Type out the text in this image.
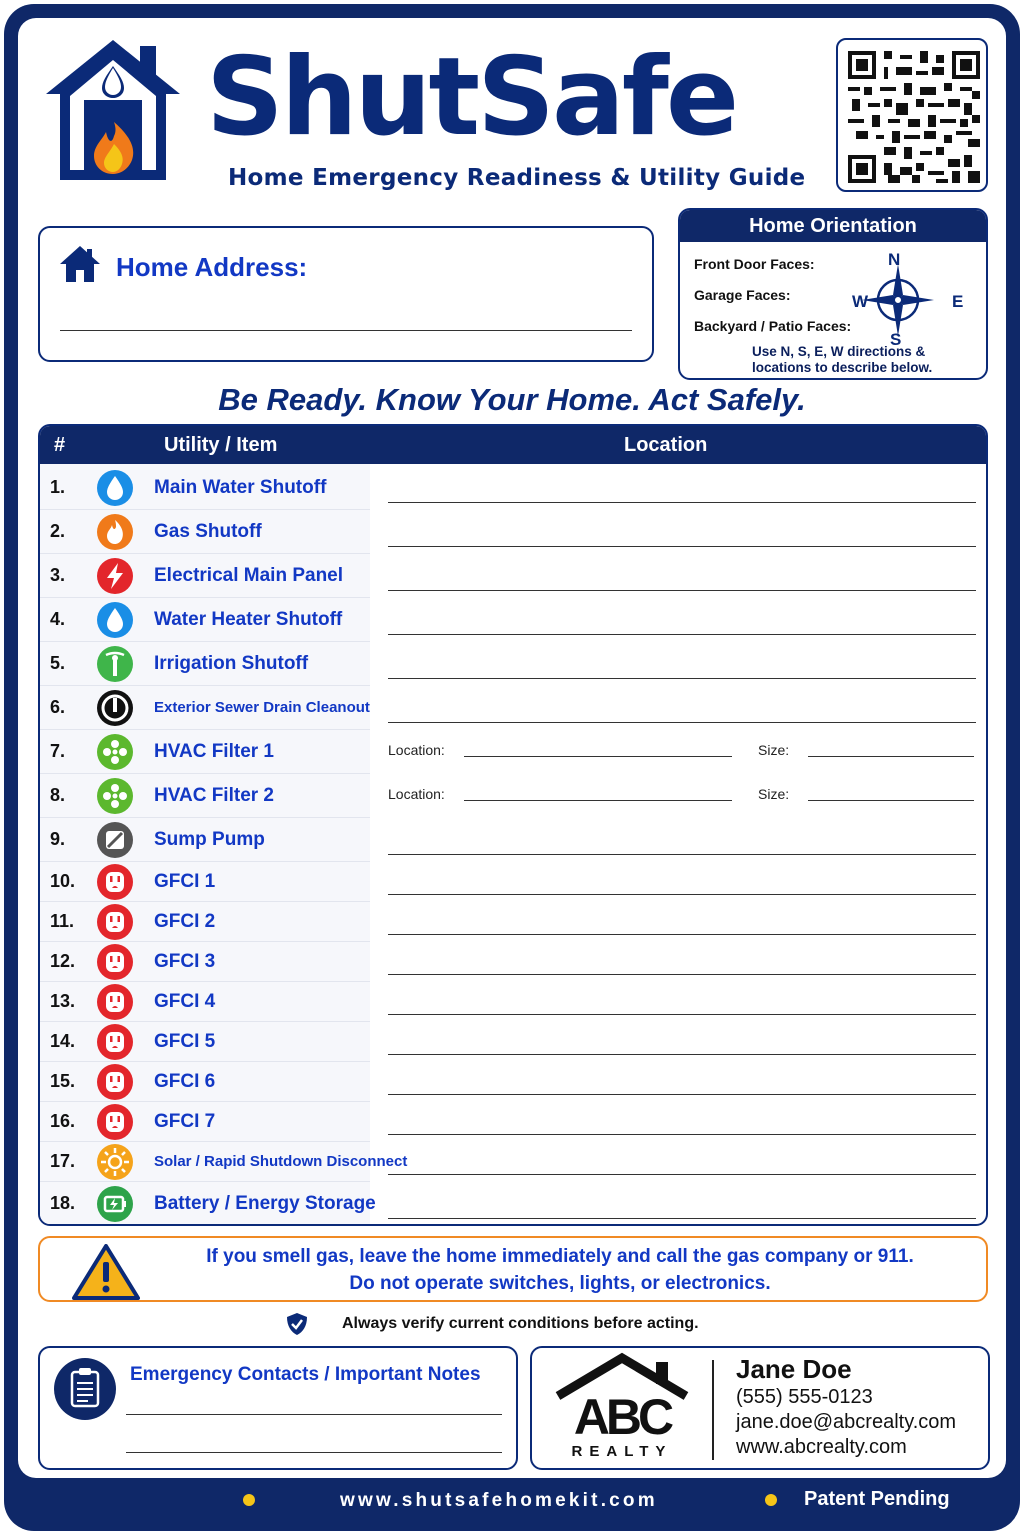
ShutSafe
Home Emergency Readiness & Utility Guide
Home Address:
Home Orientation
Front Door Faces:
Garage Faces:
Backyard / Patio Faces:
N
S
W	E
Use N, S, E, W directions & locations to describe below.
Be Ready. Know Your Home. Act Safely.
#	Utility / Item	Location
1.	Main Water Shutoff
2.	Gas Shutoff
3.	Electrical Main Panel
4.	Water Heater Shutoff
5.	Irrigation Shutoff
6.	Exterior Sewer Drain Cleanout
7.	HVAC Filter 1	Location:	Size:
8.	HVAC Filter 2	Location:	Size:
9.	Sump Pump
10.	GFCI 1
11.	GFCI 2
12.	GFCI 3
13.	GFCI 4
14.	GFCI 5
15.	GFCI 6
16.	GFCI 7
17.	Solar / Rapid Shutdown Disconnect
18.	Battery / Energy Storage
If you smell gas, leave the home immediately and call the gas company or 911.
Do not operate switches, lights, or electronics.
Always verify current conditions before acting.
Emergency Contacts / Important Notes
ABC
REALTY
Jane Doe
(555) 555-0123
jane.doe@abcrealty.com
www.abcrealty.com
www.shutsafehomekit.com	Patent Pending
